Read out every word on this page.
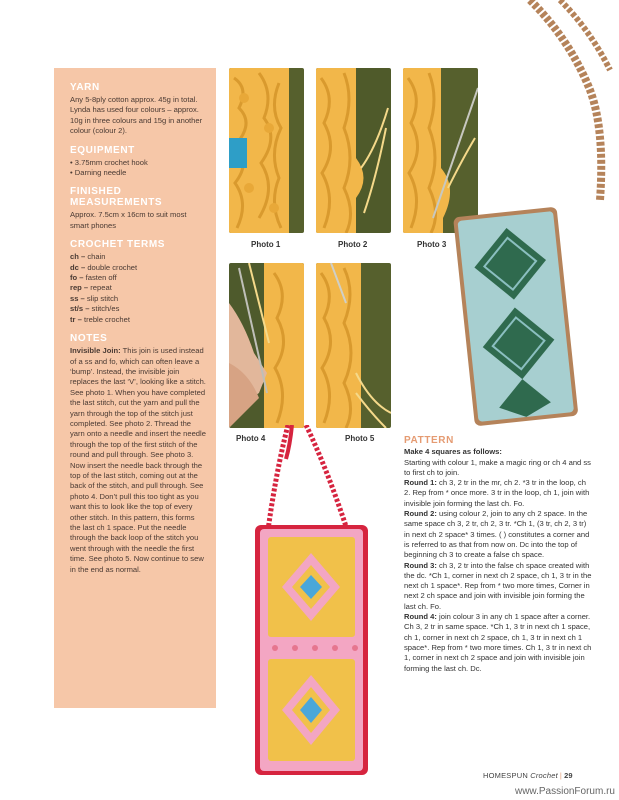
YARN
Any 5-8ply cotton approx. 45g in total. Lynda has used four colours – approx. 10g in three colours and 15g in another colour (colour 2).
EQUIPMENT
• 3.75mm crochet hook
• Darning needle
FINISHED MEASUREMENTS
Approx. 7.5cm x 16cm to suit most smart phones
CROCHET TERMS
ch – chain
dc – double crochet
fo – fasten off
rep – repeat
ss – slip stitch
st/s – stitch/es
tr – treble crochet
NOTES

Invisible Join: This join is used instead of a ss and fo, which can often leave a ‘bump’. Instead, the invisible join replaces the last ‘V’, looking like a stitch. See photo 1. When you have completed the last stitch, cut the yarn and pull the yarn through the top of the stitch just completed. See photo 2. Thread the yarn onto a needle and insert the needle through the top of the first stitch of the round and pull through. See photo 3. Now insert the needle back through the top of the last stitch, coming out at the back of the stitch, and pull through. See photo 4. Don’t pull this too tight as you want this to look like the top of every other stitch. In this pattern, this forms the last ch 1 space. Put the needle through the back loop of the stitch you went through with the needle the first time. See photo 5. Now continue to sew in the end as normal.

Photo 1	Photo 2	Photo 3
Photo 4	Photo 5	PATTERN

Make 4 squares as follows:

Starting with colour 1, make a magic ring or ch 4 and ss to first ch to join.

Round 1: ch 3, 2 tr in the mr, ch 2. *3 tr in the loop, ch 2. Rep from * once more. 3 tr in the loop, ch 1, join with invisible join forming the last ch. Fo.

Round 2: using colour 2, join to any ch 2 space. In the same space ch 3, 2 tr, ch 2, 3 tr. *Ch 1, (3 tr, ch 2, 3 tr) in next ch 2 space* 3 times. ( ) constitutes a corner and is referred to as that from now on. Dc into the top of beginning ch 3 to create a false ch space.

Round 3: ch 3, 2 tr into the false ch space created with the dc. *Ch 1, corner in next ch 2 space, ch 1, 3 tr in the next ch 1 space*. Rep from * two more times, Corner in next 2 ch space and join with invisible join forming the last ch. Fo.

Round 4: join colour 3 in any ch 1 space after a corner. Ch 3, 2 tr in same space. *Ch 1, 3 tr in next ch 1 space, ch 1, corner in next ch 2 space, ch 1, 3 tr in next ch 1 space*. Rep from * two more times. Ch 1, 3 tr in next ch 1, corner in next ch 2 space and join with invisible join forming the last ch. Dc.

HOMESPUN Crochet | 29
www.PassionForum.ru
